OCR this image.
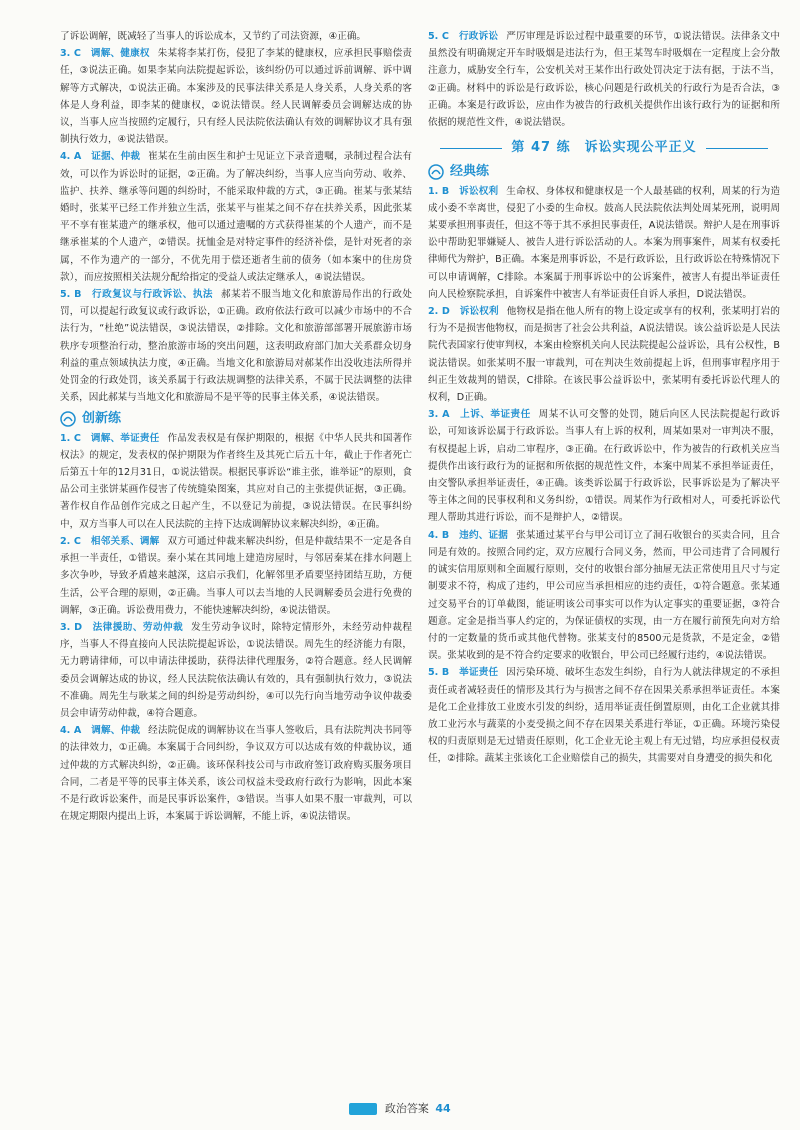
了诉讼调解，既减轻了当事人的诉讼成本，又节约了司法资源，④正确。

3. C　 调解、健康权 朱某将李某打伤，侵犯了李某的健康权，应承担民事赔偿责任，③说法正确。如果李某向法院提起诉讼，该纠纷仍可以通过诉前调解、诉中调解等方式解决，①说法正确。本案涉及的民事法律关系是人身关系，人身关系的客体是人身利益，即李某的健康权，②说法错误。经人民调解委员会调解达成的协议，当事人应当按照约定履行，只有经人民法院依法确认有效的调解协议才具有强制执行效力，④说法错误。

4. A　 证据、仲裁 崔某在生前由医生和护士见证立下录音遗嘱，录制过程合法有效，可以作为诉讼时的证据，②正确。为了解决纠纷，当事人应当向劳动、收养、监护、扶养、继承等问题的纠纷时，不能采取仲裁的方式，③正确。崔某与张某结婚时，张某平已经工作并独立生活，张某平与崔某之间不存在扶养关系，因此张某平不享有崔某遗产的继承权，他可以通过遗嘱的方式获得崔某的个人遗产，而不是继承崔某的个人遗产，②错误。抚恤金是对特定事件的经济补偿，是针对死者的亲属，不作为遗产的一部分，不优先用于偿还逝者生前的债务（如本案中的住房贷款），而应按照相关法规分配给指定的受益人或法定继承人，④说法错误。

5. B　 行政复议与行政诉讼、执法 郝某若不服当地文化和旅游局作出的行政处罚，可以提起行政复议或行政诉讼，①正确。政府依法行政可以减少市场中的不合法行为，“杜绝”说法错误，③说法错误，②排除。文化和旅游部部署开展旅游市场秩序专项整治行动，整治旅游市场的突出问题，这表明政府部门加大关系群众切身利益的重点领域执法力度，④正确。当地文化和旅游局对郝某作出没收违法所得并处罚金的行政处罚，该关系属于行政法规调整的法律关系，不属于民法调整的法律关系，因此郝某与当地文化和旅游局不是平等的民事主体关系，④说法错误。

创新练

1. C　 调解、举证责任 作品发表权是有保护期限的，根据《中华人民共和国著作权法》的规定，发表权的保护期限为作者终生及其死亡后五十年，截止于作者死亡后第五十年的12月31日，①说法错误。根据民事诉讼“谁主张，谁举证”的原则，食品公司主张饼某画作侵害了传统缝染图案，其应对自己的主张提供证据，③正确。著作权自作品创作完成之日起产生，不以登记为前提，③说法错误。在民事纠纷中，双方当事人可以在人民法院的主持下达成调解协议来解决纠纷，④正确。

2. C　 相邻关系、调解 双方可通过仲裁来解决纠纷，但是仲裁结果不一定是各自承担一半责任，①错误。秦小某在其同地上建造房屋时，与邻居秦某在排水问题上多次争吵，导致矛盾越来越深，这启示我们，化解邻里矛盾要坚持团结互助，方便生活，公平合理的原则，②正确。当事人可以去当地的人民调解委员会进行免费的调解，③正确。诉讼费用费力，不能快速解决纠纷，④说法错误。

3. D　 法律援助、劳动仲裁 发生劳动争议时，除特定情形外，未经劳动仲裁程序，当事人不得直接向人民法院提起诉讼，①说法错误。周先生的经济能力有限，无力聘请律师，可以申请法律援助，获得法律代理服务，②符合题意。经人民调解委员会调解达成的协议，经人民法院依法确认有效的，具有强制执行效力，③说法不准确。周先生与耿某之间的纠纷是劳动纠纷，④可以先行向当地劳动争议仲裁委员会申请劳动仲裁，④符合题意。

4. A　 调解、仲裁 经法院促成的调解协议在当事人签收后，具有法院判决书同等的法律效力，①正确。本案属于合同纠纷，争议双方可以达成有效的仲裁协议，通过仲裁的方式解决纠纷，②正确。该环保科技公司与市政府签订政府购买服务项目合同，二者是平等的民事主体关系，该公司权益未受政府行政行为影响，因此本案不是行政诉讼案件，而是民事诉讼案件，③错误。当事人如果不服一审裁判，可以在规定期限内提出上诉，本案属于诉讼调解，不能上诉，④说法错误。

5. C　 行政诉讼 严厉审理是诉讼过程中最重要的环节，①说法错误。法律条文中虽然没有明确规定开车时吸烟是违法行为，但王某驾车时吸烟在一定程度上会分散注意力，威胁安全行车，公安机关对王某作出行政处罚决定于法有据，于法不当，②正确。材料中的诉讼是行政诉讼，核心问题是行政机关的行政行为是否合法，③正确。本案是行政诉讼，应由作为被告的行政机关提供作出该行政行为的证据和所依据的规范性文件，④说法错误。

第 47 练　诉讼实现公平正义
经典练

1. B　 诉讼权利 生命权、身体权和健康权是一个人最基础的权利，周某的行为造成小委不幸离世，侵犯了小委的生命权。鼓高人民法院依法判处周某死刑，说明周某要承担刑事责任，但这不等于其不承担民事责任，A说法错误。辩护人是在刑事诉讼中帮助犯罪嫌疑人、被告人进行诉讼活动的人。本案为刑事案件，周某有权委托律师代为辩护，B正确。本案是刑事诉讼，不是行政诉讼，且行政诉讼在特殊情况下可以申请调解，C排除。本案属于刑事诉讼中的公诉案件，被害人有提出举证责任向人民检察院承担，自诉案件中被害人有举证责任自诉人承担，D说法错误。

2. D　 诉讼权利 他物权是指在他人所有的物上设定或享有的权利，张某明打岩的行为不是损害他物权，而是损害了社会公共利益，A说法错误。该公益诉讼是人民法院代表国家行使审判权，本案由检察机关向人民法院提起公益诉讼，具有公权性，B说法错误。如张某明不服一审裁判，可在判决生效前提起上诉，但刑事审程序用于纠正生效裁判的错误，C排除。在该民事公益诉讼中，张某明有委托诉讼代理人的权利，D正确。

3. A　 上诉、举证责任 周某不认可交警的处罚，随后向区人民法院提起行政诉讼，可知该诉讼属于行政诉讼。当事人有上诉的权利，周某如果对一审判决不服，有权提起上诉，启动二审程序，③正确。在行政诉讼中，作为被告的行政机关应当提供作出该行政行为的证据和所依据的规范性文件，本案中周某不承担举证责任，由交警队承担举证责任，④正确。该类诉讼属于行政诉讼，民事诉讼是为了解决平等主体之间的民事权利和义务纠纷，①错误。周某作为行政相对人，可委托诉讼代理人帮助其进行诉讼，而不是辩护人，②错误。

4. B　 违约、证据 张某通过某平台与甲公司订立了洞石收银台的买卖合同，且合同是有效的。按照合同约定，双方应履行合同义务，然而，甲公司违背了合同履行的诚实信用原则和全面履行原则，交付的收银台部分抽屉无法正常使用且尺寸与定制要求不符，构成了违约，甲公司应当承担相应的违约责任，①符合题意。张某通过交易平台的订单截图，能证明该公司事实可以作为认定事实的重要证据，③符合题意。定金是指当事人约定的，为保证债权的实现，由一方在履行前预先向对方给付的一定数量的货币或其他代替物。张某支付的8500元是货款，不是定金，②错误。张某收到的是不符合约定要求的收银台，甲公司已经履行违约，④说法错误。

5. B　 举证责任 因污染环境、破坏生态发生纠纷，自行为人就法律规定的不承担责任或者减轻责任的情形及其行为与损害之间不存在因果关系承担举证责任。本案是化工企业排放工业废水引发的纠纷，适用举证责任倒置原则，由化工企业就其排放工业污水与蔬菜的小麦受损之间不存在因果关系进行举证，①正确。环境污染侵权的归责原则是无过错责任原则，化工企业无论主观上有无过错，均应承担侵权责任，②排除。蔬某主张该化工企业赔偿自己的损失，其需要对自身遭受的损失和化

政治答案 44
